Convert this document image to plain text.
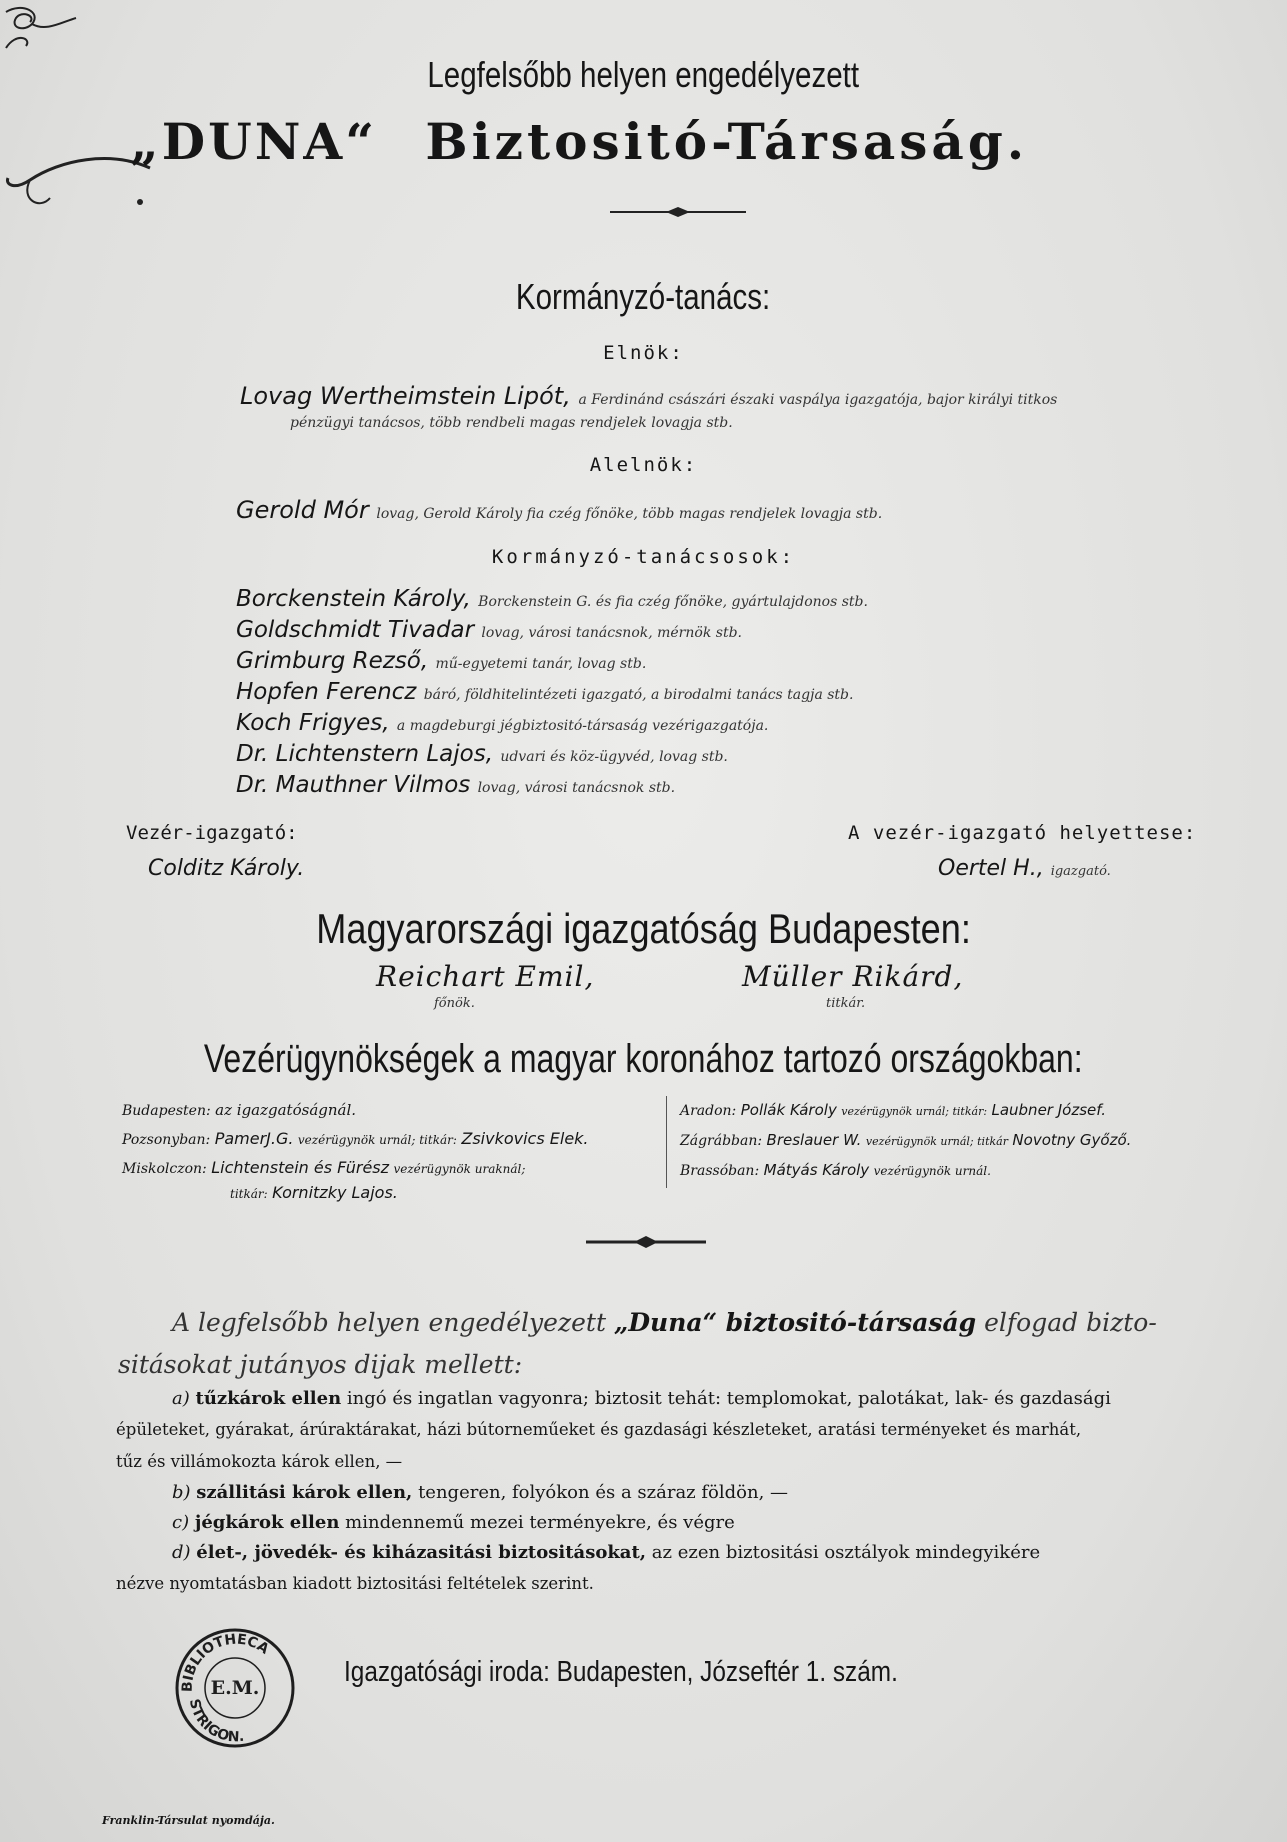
Legfelsőbb helyen engedélyezett
„DUNA“ Biztositó-Társaság.
Kormányzó-tanács:
Elnök:
Lovag Wertheimstein Lipót, a Ferdinánd császári északi vaspálya igazgatója, bajor királyi titkos
pénzügyi tanácsos, több rendbeli magas rendjelek lovagja stb.
Alelnök:
Gerold Mór lovag, Gerold Károly fia czég főnöke, több magas rendjelek lovagja stb.
Kormányzó-tanácsosok:
Borckenstein Károly, Borckenstein G. és fia czég főnöke, gyártulajdonos stb.
Goldschmidt Tivadar lovag, városi tanácsnok, mérnök stb.
Grimburg Rezső, mű-egyetemi tanár, lovag stb.
Hopfen Ferencz báró, földhitelintézeti igazgató, a birodalmi tanács tagja stb.
Koch Frigyes, a magdeburgi jégbiztositó-társaság vezérigazgatója.
Dr. Lichtenstern Lajos, udvari és köz-ügyvéd, lovag stb.
Dr. Mauthner Vilmos lovag, városi tanácsnok stb.
Vezér-igazgató:
Colditz Károly.
A vezér-igazgató helyettese:
Oertel H., igazgató.
Magyarországi igazgatóság Budapesten:
Reichart Emil,
főnök.
Müller Rikárd,
titkár.
Vezérügynökségek a magyar koronához tartozó országokban:
Budapesten: az igazgatóságnál.
Pozsonyban: PamerJ.G. vezérügynök urnál; titkár: Zsivkovics Elek.
Miskolczon: Lichtenstein és Fürész vezérügynök uraknál;
titkár: Kornitzky Lajos.
Aradon: Pollák Károly vezérügynök urnál; titkár: Laubner József.
Zágrábban: Breslauer W. vezérügynök urnál; titkár Novotny Győző.
Brassóban: Mátyás Károly vezérügynök urnál.
A legfelsőbb helyen engedélyezett „Duna“ biztositó-társaság elfogad bizto-
sitásokat jutányos dijak mellett:
a) tűzkárok ellen ingó és ingatlan vagyonra; biztosit tehát: templomokat, palotákat, lak- és gazdasági
épületeket, gyárakat, árúraktárakat, házi bútorneműeket és gazdasági készleteket, aratási terményeket és marhát,
tűz és villámokozta károk ellen, —
b) szállitási károk ellen, tengeren, folyókon és a száraz földön, —
c) jégkárok ellen mindennemű mezei terményekre, és végre
d) élet-, jövedék- és kiházasitási biztositásokat, az ezen biztositási osztályok mindegyikére
nézve nyomtatásban kiadott biztositási feltételek szerint.
BIBLIOTHECA
E.M.
STRIGON.
Igazgatósági iroda: Budapesten, Józseftér 1. szám.
Franklin-Társulat nyomdája.
